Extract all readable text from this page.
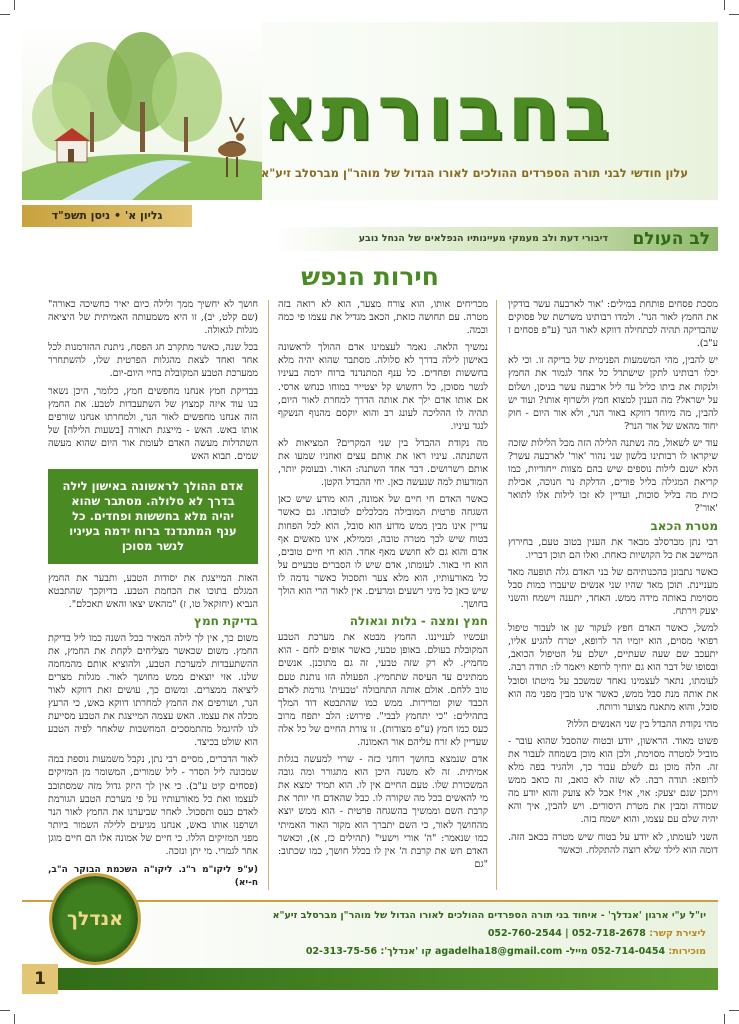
בחבורתא
עלון חודשי לבני תורה הספרדים ההולכים לאורו הגדול של מוהר"ן מברסלב זיע"א
גליון א' • ניסן תשפ"ד
לב העולם
דיבורי דעת ולב מעמקי מעיינותיו הנפלאים של הנחל נובע
חירות הנפש

מסכת פסחים פותחת במילים: 'אור לארבעה עשר בודקין את החמץ לאור הנר'. ולמדו רבותינו משרשת של פסוקים שהבדיקה תהיה לכתחילה דווקא לאור הנר (ע"פ פסחים ז ע"ב).

יש להבין, מהי המשמעות הפנימית של בדיקה זו. וכי לא יכלו רבותינו לתקן שישתדל כל אחד לגמור את החמץ ולנקות את ביתו כליל עד ליל ארבעה עשר בניסן, ושלום על ישראל? מה הענין למצוא חמץ ולשרוף אותו? ועוד יש להבין, מה מיוחד דווקא באור הנר, ולא אור היום - חוק יחוד מהאש של אור הנר?

עוד יש לשאול, מה נשתנה הלילה הזה מכל הלילות שזכה שיקראו לו רבותינו בלשון שני נהור 'אור' לארבעה עשר? הלא ישנם לילות נוספים שיש בהם מצוות ייחודיות, כמו קריאת המגילה בליל פורים, הדלקת נר חנוכה, אכילת כזית מה בליל סוכות, ועדיין לא זכו לילות אלו לתואר 'אור'?

מטרת הכאב

רבי נתן מברסלב מבאר את הענין בטוב טעם, בחירוץ המיישב את כל הקושיות כאחת. ואלו הם תוכן דבריו.

כאשר נתבונן בהכנותיהם של בני האדם גלה תופעה מאד מעניינת. תוכן מאד שהיו שני אנשים שיעברו כמות סבל מסוימת באותה מידה ממש. האחד, יתענה וישמח והשני יצעק וירתח.

למשל, כאשר האדם חפץ לעקור שן או לעבור טיפול רפואי מסוים, הוא יומיו הר לרופא, יטרח להגיע אליו, יתעכב שם שעה שעתיים, ישלם על הטיפול הכואב, ובסופו של דבר הוא גם יוחיך לרופא ויאמר לו: תודה רבה. לעומתו, נתאר לעצמינו נאחד שמשכב על מיטתו וסובל את אותה מנת סבל ממש, כאשר אינו מבין מפני מה הוא סובל, והוא מתאנח מצוער ורותח.

מהי נקודת ההבדל בין שני האנשים הללו?

פשוט מאוד. הראשון, יודע ובטוח שהסבל שהוא עובר - מוביל למטרה מסוימת, ולכן הוא מוכן בשמחה לעבור את זה. הלה מוכן גם לשלם עבור כך, ולהגיד בפה מלא לרופא: תודה רבה. לא שזה לא כואב, זה כואב ממש ויתכן שגם יצעק: אוי, אוי! אבל לא צועק והוא יודע מה שמודה ומבין את מטרת היסורים. ויש להבין, איך והא יהיה שלם עם עצמו, והוא ישמח בזה.

השני לעומתו, לא יודע על בטוח שיש מטרה בכאב הזה. דומה הוא לילד שלא רוצה להתקלח. וכאשר

מכריחים אותו, הוא צורח מצער, הוא לא רואה בזה מטרה. עם תחושה כזאת, הכאב מגדיל את עצמו פי כמה וכמה.

נמשיך הלאה. נאמר לעצמינו אדם ההולך לראשונה באישון לילה בדרך לא סלולה. מסתבר שהוא יהיה מלא בחששות ופחדים. כל ענף המתנדנד ברוח ידמה בעיניו לנשר מסוכן, כל רחשוש קל יצטייר במוחו כנחש ארסי. אם אותו אדם ילך את אותה הדרך למחרת לאור היום, תהיה לו ההליכה לעונג רב והוא יוקסם מהנוף הנשקף לנגד עיניו.

מה נקודת ההבדל בין שני המקרים? המציאות לא השתנתה. עיניו ראו את אותם עצים ואוזניו שמעו את אותם רשרושים. דבר אחד השתנה: האור. ובעומק יותר, המודעות למה שנעשה כאן. יחי ההבדל הקטן.

כאשר האדם חי חיים של אמונה, הוא מודע שיש כאן השגחה פרטית המובילה מכלכלים לטובתו. גם כאשר עדיין אינו מבין ממש מדוע הוא סובל, הוא לכל הפחות בטוח שיש לכך מטרה טובה, וממילא, אינו מאשים אף אדם והוא גם לא חושש מאף אחד. הוא חי חיים טובים, הוא חי באור. לעומתו, אדם שיש לו הסברים טבעיים על כל מאורעותיו, הוא מלא צער ותסכול כאשר נדמה לו שיש כאן כל מיני רשעים ומרעים. אין לאור הרי הוא הולך בחושך.

חמץ ומצה - גלות וגאולה

ועכשיו לענייננו. החמץ מבטא את מערכת הטבע המקובלת בעולם. באופן טבעי, כאשר אופים לחם - הוא מחמיץ. לא רק שזה טבעי, זה גם מתוכנן. אנשים ממתינים עד העיסה שתחמיץ. הפעולה הזו נותנת טעם טוב ללחם. אולם אותה התחבולה 'טבעית' גורמת לאדם הכבד שוק ומרירות. ממש כמו שהתבטא דוד המלך בתהילים: "כי יתחמץ לבבי". פירוש: הלב יתפח מרוב כעס כמו חמץ (ע"פ מצודות). זו צורת החיים של כל אלה שעדיין לא זרח עליהם אור האמונה.

אדם שנמצא בחושך רוחני כזה - שרוי למעשה בגלות אמיתית. זה לא משנה היכן הוא מתגורר ומה גובה המשכורת שלו. טעם החיים אין לו. הוא תמיד ימצא את מי להאשים בכל מה שקורה לו. כבל שהאדם חי יותר את קרבת השם וממשיך בהשגחה פרטית - הוא ממש יוצא מהחושך לאור, כי השם יתברך הוא מקור האור האמיתי כמו שנאמר: "ה' אורי וישעי" (תהילים כז, א), וכאשר האדם חש את קרבת ה' אין לו בכלל חושך, כמו שכתוב: "גם

חושך לא יחשיך ממך ולילה כיום יאיר כחשיכה כאורה" (שם קלט, יב), זו היא משמעותה האמיתית של היציאה מגלות לגאולה.

בכל שנה, כאשר מתקרב חג הפסח, ניתנת ההזדמנות לכל אחד ואחד לצאת מהגלות הפרטית שלו, להשתחרר ממערכת הטבע המקובלת בחיי היום-יום.

בבדיקת חמץ אנחנו מחפשים חמץ, כלומר, היכן נשאר בנו עוד איזה קמצוץ של השתעבדות לטבע. את החמץ הזה אנחנו מחפשים לאור הנר, ולמחרתו אנחנו שורפים אותו באש. האש - מייצגת תאורה [בשעות הלילה] של השתדלות מעשה האדם לעומת אור היום שהוא מעשה שמים. תבוא האש

אדם ההולך לראשונה באישון לילה בדרך לא סלולה. מסתבר שהוא יהיה מלא בחששות ופחדים. כל ענף המתנדנד ברוח ידמה בעיניו לנשר מסוכן

האזת המייצגת את יסודות הטבע, ותבער את החמץ המגלם בתוכו את הכחמת הטבע. בדיוקכך שהתבטא הנביא (יחזקאל טו, ז) "מהאש יצאו והאש תאכלם".

בדיקת חמץ

משום כך, אין לך לילה המאיר בכל השנה כמו ליל בדיקת החמץ. משום שכאשר מצליחים לקחת את החמץ, את ההשתעבדות למערכת הטבע, ולהוציא אותם מהמחמה שלנו. אזי יוצאים ממש מחושך לאור. מגלות מצרים ליציאה ממצרים. ומשום כך, עושים זאת דווקא לאור הנר, ושורפים את החמץ למחרתו דווקא באש, כי הרעץ מכלה את עצמו. האש עצמה המייצגת את הטבע מסייעת לנו להיגמל מהתמסכים המחשבות שלאחר לפיה הטבע הוא שולט בכיצד.

לאור הדברים, מסיים רבי נתן, נקבל משמעות נוספת במה שמכונה ליל הסדר - ליל שמורים, המשומר מן המזיקים (פסחים קיט ע"ב). כי אין לך היזק גדול מזה שמסתובב לעצמו ואת כל מאורעותיו על פי מערכת הטבע הגורמת לאדם כעס ותסכול. לאחר שביערנו את החמץ לאור הנר ושרפנו אותו באש, אנחנו מגיעים ללילה השמור ביותר מפני המזיקים הללו. כי חיים של אמונה אלו הם חיים מוגן אחר לגמרי. מי יתן ונזכה.

(ע"פ ליקו"מ ר"נ. ליקו"ה השכמת הבוקר ה"ב, ח-יא)
אנדלך	יו"ל ע"י ארגון 'אנדלך' - איחוד בני תורה הספרדים ההולכים לאורו הגדול של מוהר"ן מברסלב זיע"א
ליצירת קשר: 052-718-2678 | 052-760-2544
מוכירות: 052-714-0454 מייל- agadelha18@gmail.com קו 'אנדלך': 02-313-75-56
1
